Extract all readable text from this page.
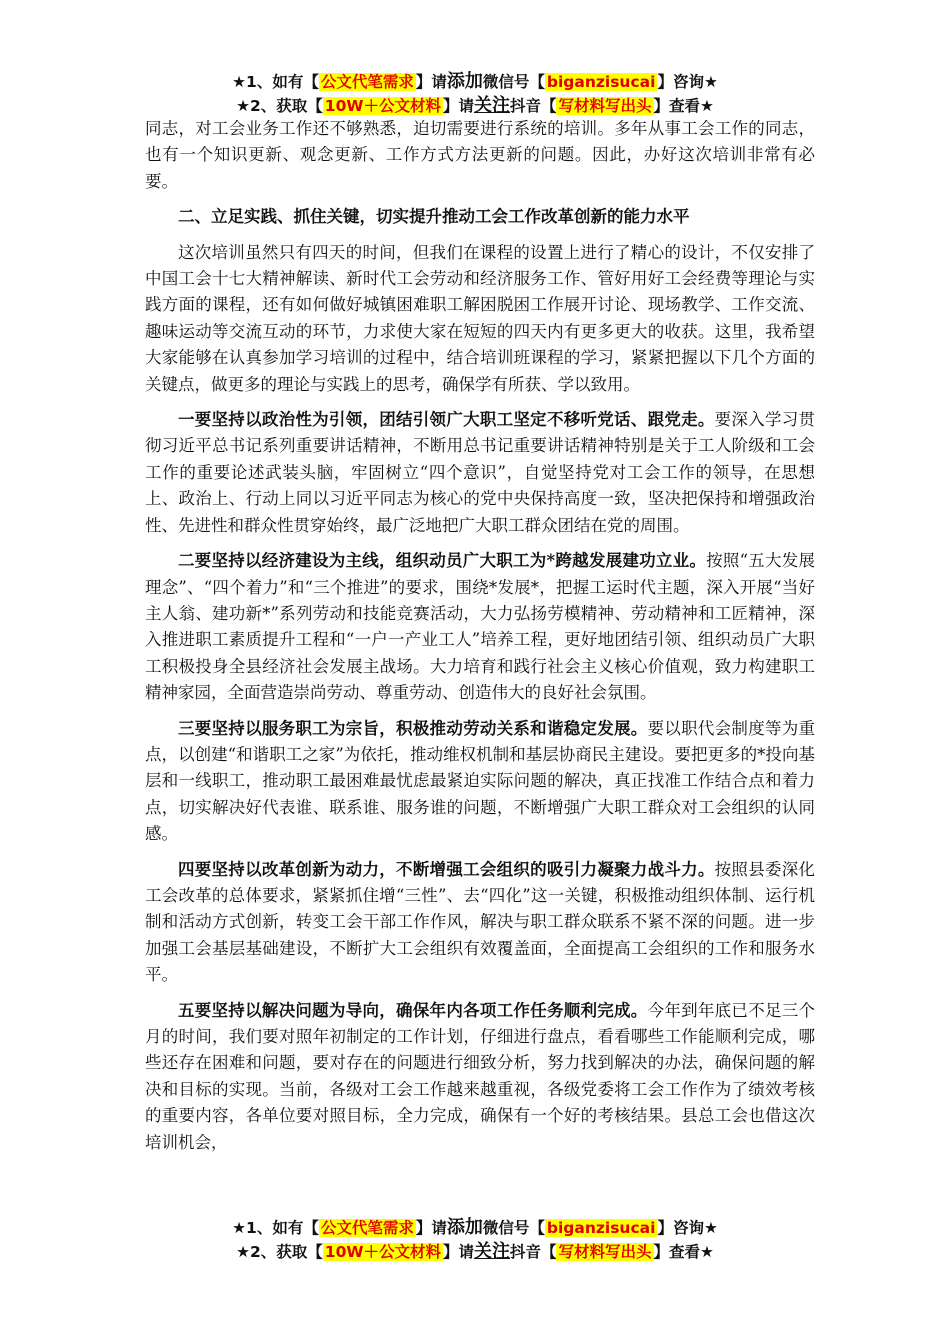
★1、如有【 公文代笔需求 】请添加微信号【 biganzisucai 】咨询★
★2、获取【 10W＋公文材料 】请关注抖音【 写材料写出头 】查看★

同志，对工会业务工作还不够熟悉，迫切需要进行系统的培训。多年从事工会工作的同志，也有一个知识更新、观念更新、工作方式方法更新的问题。因此，办好这次培训非常有必要。

二、立足实践、抓住关键，切实提升推动工会工作改革创新的能力水平

这次培训虽然只有四天的时间，但我们在课程的设置上进行了精心的设计，不仅安排了中国工会十七大精神解读、新时代工会劳动和经济服务工作、管好用好工会经费等理论与实践方面的课程，还有如何做好城镇困难职工解困脱困工作展开讨论、现场教学、工作交流、趣味运动等交流互动的环节，力求使大家在短短的四天内有更多更大的收获。这里，我希望大家能够在认真参加学习培训的过程中，结合培训班课程的学习，紧紧把握以下几个方面的关键点，做更多的理论与实践上的思考，确保学有所获、学以致用。

一要坚持以政治性为引领，团结引领广大职工坚定不移听党话、跟党走。要深入学习贯彻习近平总书记系列重要讲话精神，不断用总书记重要讲话精神特别是关于工人阶级和工会工作的重要论述武装头脑，牢固树立“四个意识”，自觉坚持党对工会工作的领导，在思想上、政治上、行动上同以习近平同志为核心的党中央保持高度一致，坚决把保持和增强政治性、先进性和群众性贯穿始终，最广泛地把广大职工群众团结在党的周围。

二要坚持以经济建设为主线，组织动员广大职工为*跨越发展建功立业。按照“五大发展理念”、“四个着力”和“三个推进”的要求，围绕*发展*，把握工运时代主题，深入开展“当好主人翁、建功新*”系列劳动和技能竞赛活动，大力弘扬劳模精神、劳动精神和工匠精神，深入推进职工素质提升工程和“一户一产业工人”培养工程，更好地团结引领、组织动员广大职工积极投身全县经济社会发展主战场。大力培育和践行社会主义核心价值观，致力构建职工精神家园，全面营造崇尚劳动、尊重劳动、创造伟大的良好社会氛围。

三要坚持以服务职工为宗旨，积极推动劳动关系和谐稳定发展。要以职代会制度等为重点，以创建“和谐职工之家”为依托，推动维权机制和基层协商民主建设。要把更多的*投向基层和一线职工，推动职工最困难最忧虑最紧迫实际问题的解决，真正找准工作结合点和着力点，切实解决好代表谁、联系谁、服务谁的问题，不断增强广大职工群众对工会组织的认同感。

四要坚持以改革创新为动力，不断增强工会组织的吸引力凝聚力战斗力。按照县委深化工会改革的总体要求，紧紧抓住增“三性”、去“四化”这一关键，积极推动组织体制、运行机制和活动方式创新，转变工会干部工作作风，解决与职工群众联系不紧不深的问题。进一步加强工会基层基础建设，不断扩大工会组织有效覆盖面，全面提高工会组织的工作和服务水平。

五要坚持以解决问题为导向，确保年内各项工作任务顺利完成。今年到年底已不足三个月的时间，我们要对照年初制定的工作计划，仔细进行盘点，看看哪些工作能顺利完成，哪些还存在困难和问题，要对存在的问题进行细致分析，努力找到解决的办法，确保问题的解决和目标的实现。当前，各级对工会工作越来越重视，各级党委将工会工作作为了绩效考核的重要内容，各单位要对照目标，全力完成，确保有一个好的考核结果。县总工会也借这次培训机会，

★1、如有【 公文代笔需求 】请添加微信号【 biganzisucai 】咨询★
★2、获取【 10W＋公文材料 】请关注抖音【 写材料写出头 】查看★
